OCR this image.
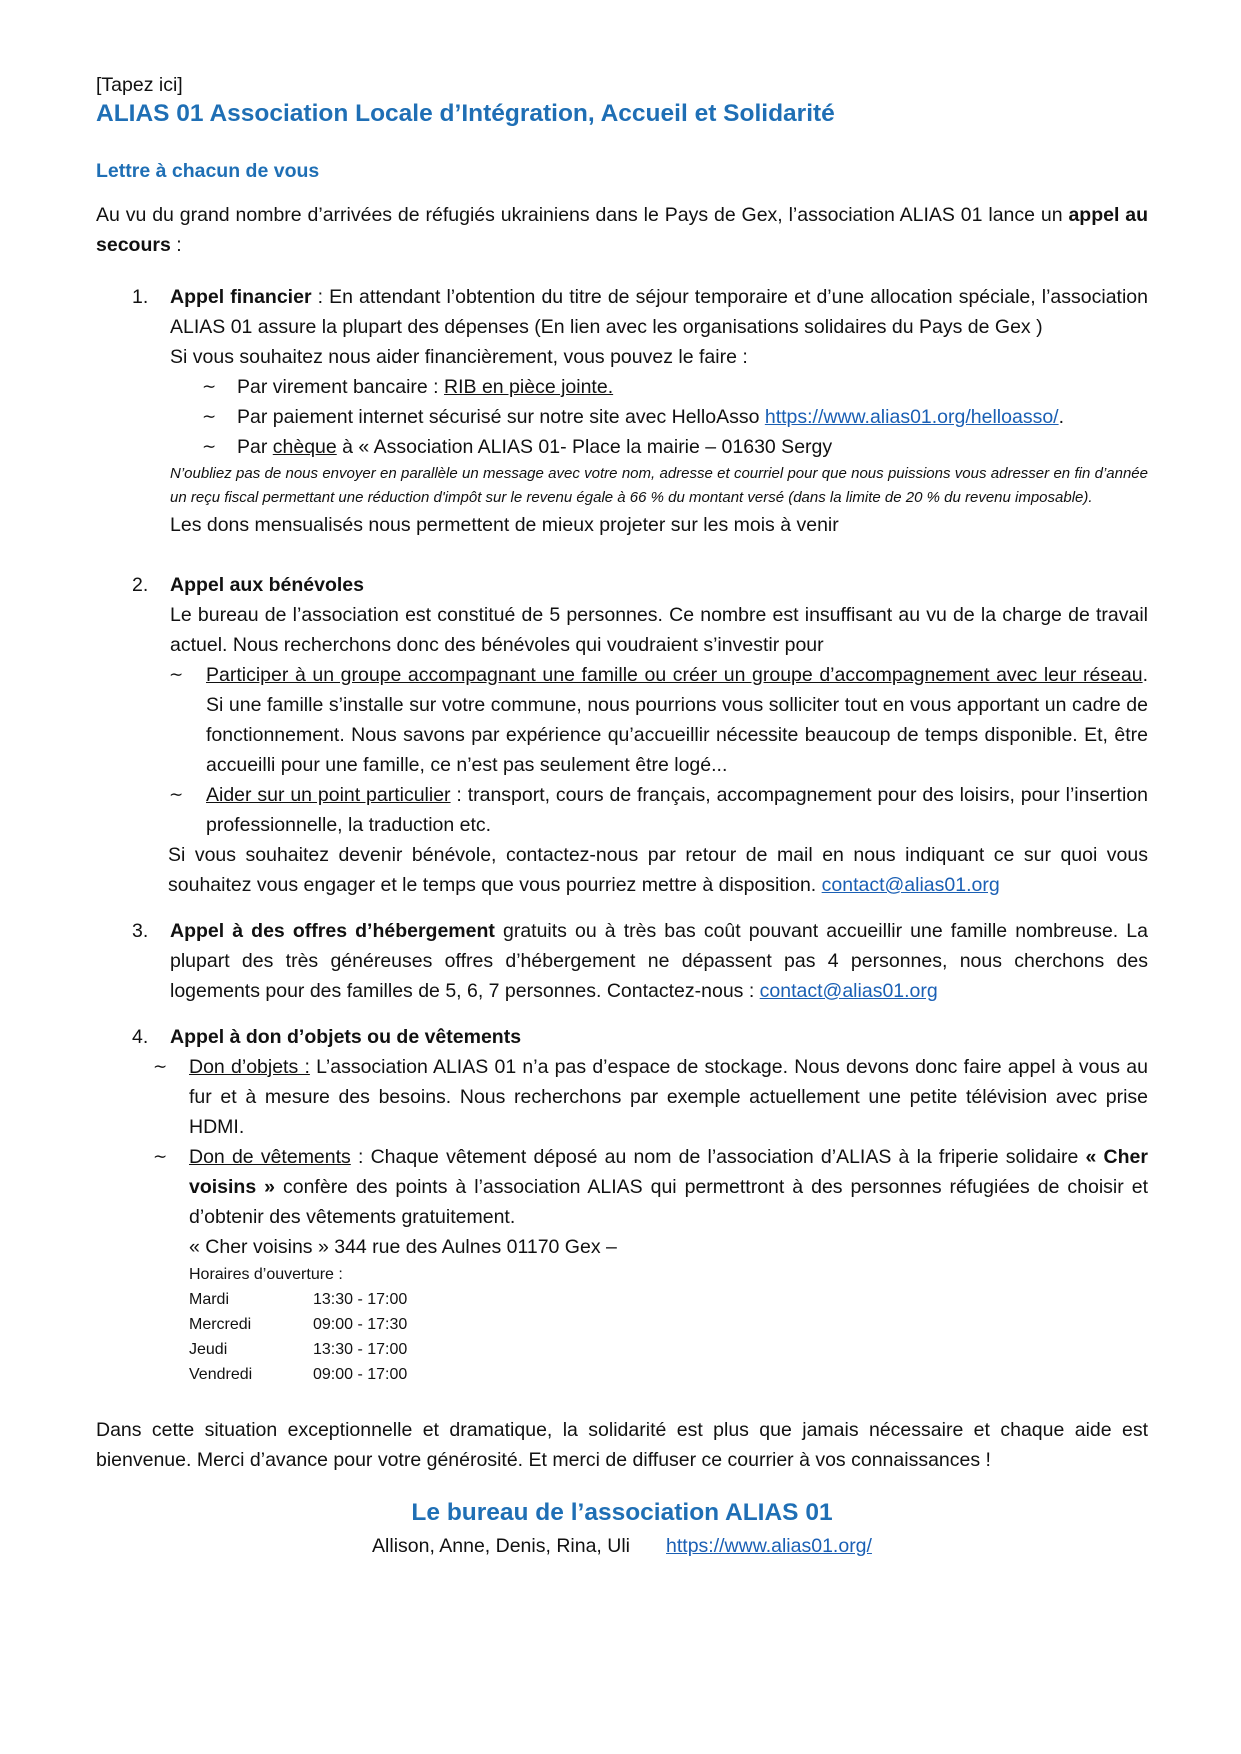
[Tapez ici]

ALIAS 01 Association Locale d’Intégration, Accueil et Solidarité

Lettre à chacun de vous

Au vu du grand nombre d’arrivées de réfugiés ukrainiens dans le Pays de Gex, l’association ALIAS 01 lance un appel au secours :

1. Appel financier : En attendant l’obtention du titre de séjour temporaire et d’une allocation spéciale, l’association ALIAS 01 assure la plupart des dépenses (En lien avec les organisations solidaires du Pays de Gex )

Si vous souhaitez nous aider financièrement, vous pouvez le faire :

∼ Par virement bancaire : RIB en pièce jointe.
∼ Par paiement internet sécurisé sur notre site avec HelloAsso https://www.alias01.org/helloasso/.
∼ Par chèque à « Association ALIAS 01- Place la mairie – 01630 Sergy

N’oubliez pas de nous envoyer en parallèle un message avec votre nom, adresse et courriel pour que nous puissions vous adresser en fin d’année un reçu fiscal permettant une réduction d'impôt sur le revenu égale à 66 % du montant versé (dans la limite de 20 % du revenu imposable).

Les dons mensualisés nous permettent de mieux projeter sur les mois à venir

2. Appel aux bénévoles

Le bureau de l’association est constitué de 5 personnes. Ce nombre est insuffisant au vu de la charge de travail actuel. Nous recherchons donc des bénévoles qui voudraient s’investir pour

∼ Participer à un groupe accompagnant une famille ou créer un groupe d’accompagnement avec leur réseau. Si une famille s’installe sur votre commune, nous pourrions vous solliciter tout en vous apportant un cadre de fonctionnement. Nous savons par expérience qu’accueillir nécessite beaucoup de temps disponible. Et, être accueilli pour une famille, ce n’est pas seulement être logé...
∼ Aider sur un point particulier : transport, cours de français, accompagnement pour des loisirs, pour l’insertion professionnelle, la traduction etc.

Si vous souhaitez devenir bénévole, contactez-nous par retour de mail en nous indiquant ce sur quoi vous souhaitez vous engager et le temps que vous pourriez mettre à disposition. contact@alias01.org

3. Appel à des offres d’hébergement gratuits ou à très bas coût pouvant accueillir une famille nombreuse. La plupart des très généreuses offres d’hébergement ne dépassent pas 4 personnes, nous cherchons des logements pour des familles de 5, 6, 7 personnes. Contactez-nous : contact@alias01.org

4. Appel à don d’objets ou de vêtements

∼ Don d’objets : L’association ALIAS 01 n’a pas d’espace de stockage. Nous devons donc faire appel à vous au fur et à mesure des besoins. Nous recherchons par exemple actuellement une petite télévision avec prise HDMI.
∼ Don de vêtements : Chaque vêtement déposé au nom de l’association d’ALIAS à la friperie solidaire « Cher voisins » confère des points à l’association ALIAS qui permettront à des personnes réfugiées de choisir et d’obtenir des vêtements gratuitement.

« Cher voisins » 344 rue des Aulnes 01170 Gex –

Horaires d’ouverture :

Mardi	13:30 - 17:00
Mercredi	09:00 - 17:30
Jeudi	13:30 - 17:00
Vendredi	09:00 - 17:00

Dans cette situation exceptionnelle et dramatique, la solidarité est plus que jamais nécessaire et chaque aide est bienvenue. Merci d’avance pour votre générosité. Et merci de diffuser ce courrier à vos connaissances !

Le bureau de l’association ALIAS 01

Allison, Anne, Denis, Rina, Uli https://www.alias01.org/
